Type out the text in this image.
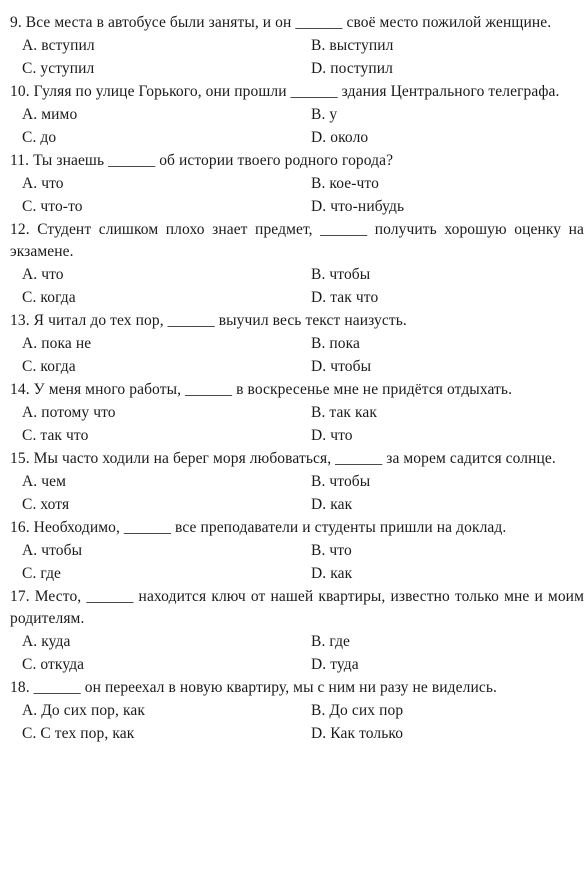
9. Все места в автобусе были заняты, и он ______ своё место пожилой женщине.
A. вступил	B. выступил
C. уступил	D. поступил
10. Гуляя по улице Горького, они прошли ______ здания Центрального телеграфа.
A. мимо	B. у
C. до	D. около
11. Ты знаешь ______ об истории твоего родного города?
A. что	B. кое-что
C. что-то	D. что-нибудь
12. Студент слишком плохо знает предмет, ______ получить хорошую оценку на экзамене.
A. что	B. чтобы
C. когда	D. так что
13. Я читал до тех пор, ______ выучил весь текст наизусть.
A. пока не	B. пока
C. когда	D. чтобы
14. У меня много работы, ______ в воскресенье мне не придётся отдыхать.
A. потому что	B. так как
C. так что	D. что
15. Мы часто ходили на берег моря любоваться, ______ за морем садится солнце.
A. чем	B. чтобы
C. хотя	D. как
16. Необходимо, ______ все преподаватели и студенты пришли на доклад.
A. чтобы	B. что
C. где	D. как
17. Место, ______ находится ключ от нашей квартиры, известно только мне и моим родителям.
A. куда	B. где
C. откуда	D. туда
18. ______ он переехал в новую квартиру, мы с ним ни разу не виделись.
A. До сих пор, как	B. До сих пор
C. С тех пор, как	D. Как только
